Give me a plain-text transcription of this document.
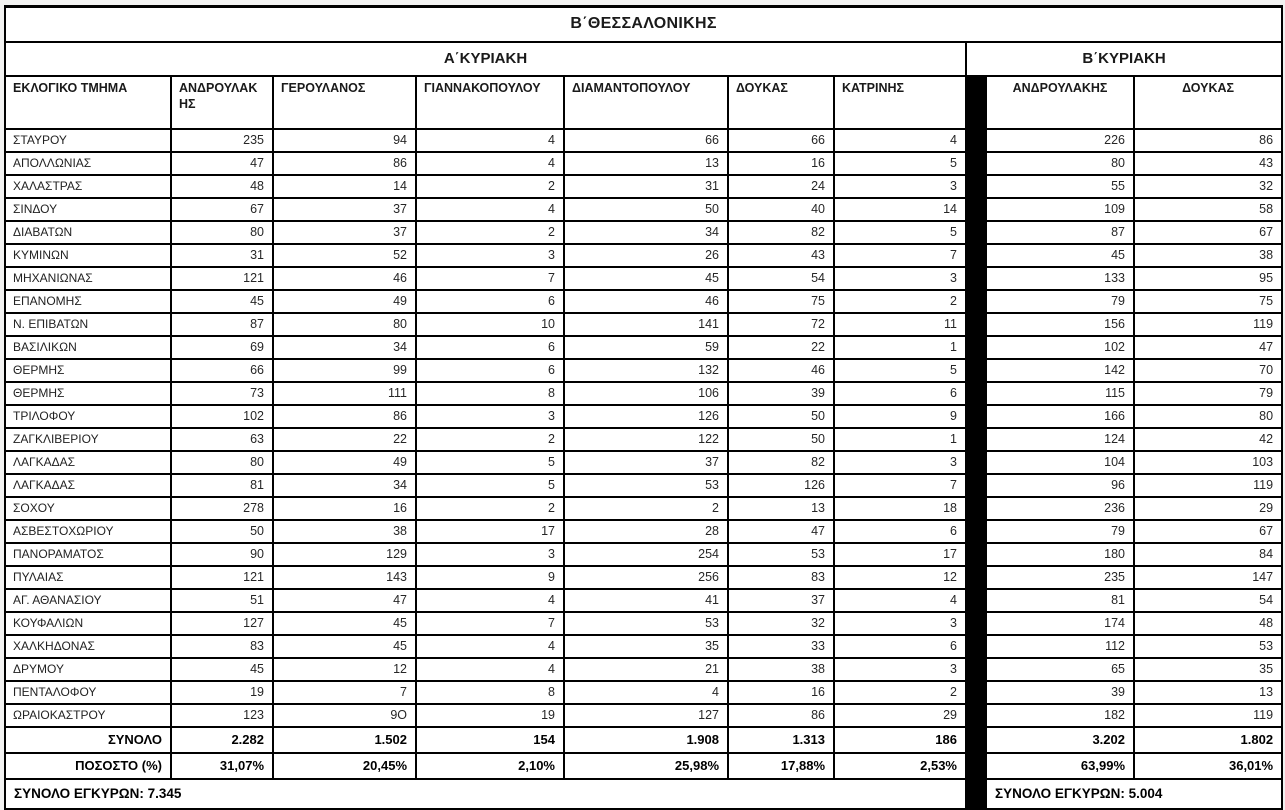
Β΄ΘΕΣΣΑΛΟΝΙΚΗΣ									
Α΄ΚΥΡΙΑΚΗ							Β΄ΚΥΡΙΑΚΗ		
ΕΚΛΟΓΙΚΟ ΤΜΗΜΑ	ΑΝΔΡΟΥΛΑΚΗΣ	ΓΕΡΟΥΛΑΝΟΣ	ΓΙΑΝΝΑΚΟΠΟΥΛΟΥ	ΔΙΑΜΑΝΤΟΠΟΥΛΟΥ	ΔΟΥΚΑΣ	ΚΑΤΡΙΝΗΣ		ΑΝΔΡΟΥΛΑΚΗΣ	ΔΟΥΚΑΣ
ΣΤΑΥΡΟΥ	235	94	4	66	66	4		226	86
ΑΠΟΛΛΩΝΙΑΣ	47	86	4	13	16	5		80	43
ΧΑΛΑΣΤΡΑΣ	48	14	2	31	24	3		55	32
ΣΙΝΔΟΥ	67	37	4	50	40	14		109	58
ΔΙΑΒΑΤΩΝ	80	37	2	34	82	5		87	67
ΚΥΜΙΝΩΝ	31	52	3	26	43	7		45	38
ΜΗΧΑΝΙΩΝΑΣ	121	46	7	45	54	3		133	95
ΕΠΑΝΟΜΗΣ	45	49	6	46	75	2		79	75
Ν. ΕΠΙΒΑΤΩΝ	87	80	10	141	72	11		156	119
ΒΑΣΙΛΙΚΩΝ	69	34	6	59	22	1		102	47
ΘΕΡΜΗΣ	66	99	6	132	46	5		142	70
ΘΕΡΜΗΣ	73	111	8	106	39	6		115	79
ΤΡΙΛΟΦΟΥ	102	86	3	126	50	9		166	80
ΖΑΓΚΛΙΒΕΡΙΟΥ	63	22	2	122	50	1		124	42
ΛΑΓΚΑΔΑΣ	80	49	5	37	82	3		104	103
ΛΑΓΚΑΔΑΣ	81	34	5	53	126	7		96	119
ΣΟΧΟΥ	278	16	2	2	13	18		236	29
ΑΣΒΕΣΤΟΧΩΡΙΟΥ	50	38	17	28	47	6		79	67
ΠΑΝΟΡΑΜΑΤΟΣ	90	129	3	254	53	17		180	84
ΠΥΛΑΙΑΣ	121	143	9	256	83	12		235	147
ΑΓ. ΑΘΑΝΑΣΙΟΥ	51	47	4	41	37	4		81	54
ΚΟΥΦΑΛΙΩΝ	127	45	7	53	32	3		174	48
ΧΑΛΚΗΔΟΝΑΣ	83	45	4	35	33	6		112	53
ΔΡΥΜΟΥ	45	12	4	21	38	3		65	35
ΠΕΝΤΑΛΟΦΟΥ	19	7	8	4	16	2		39	13
ΩΡΑΙΟΚΑΣΤΡΟΥ	123	9O	19	127	86	29		182	119
ΣΥΝΟΛΟ	2.282	1.502	154	1.908	1.313	186		3.202	1.802
ΠΟΣΟΣΤΟ (%)	31,07%	20,45%	2,10%	25,98%	17,88%	2,53%		63,99%	36,01%
ΣΥΝΟΛΟ ΕΓΚΥΡΩΝ: 7.345								ΣΥΝΟΛΟ ΕΓΚΥΡΩΝ: 5.004	
